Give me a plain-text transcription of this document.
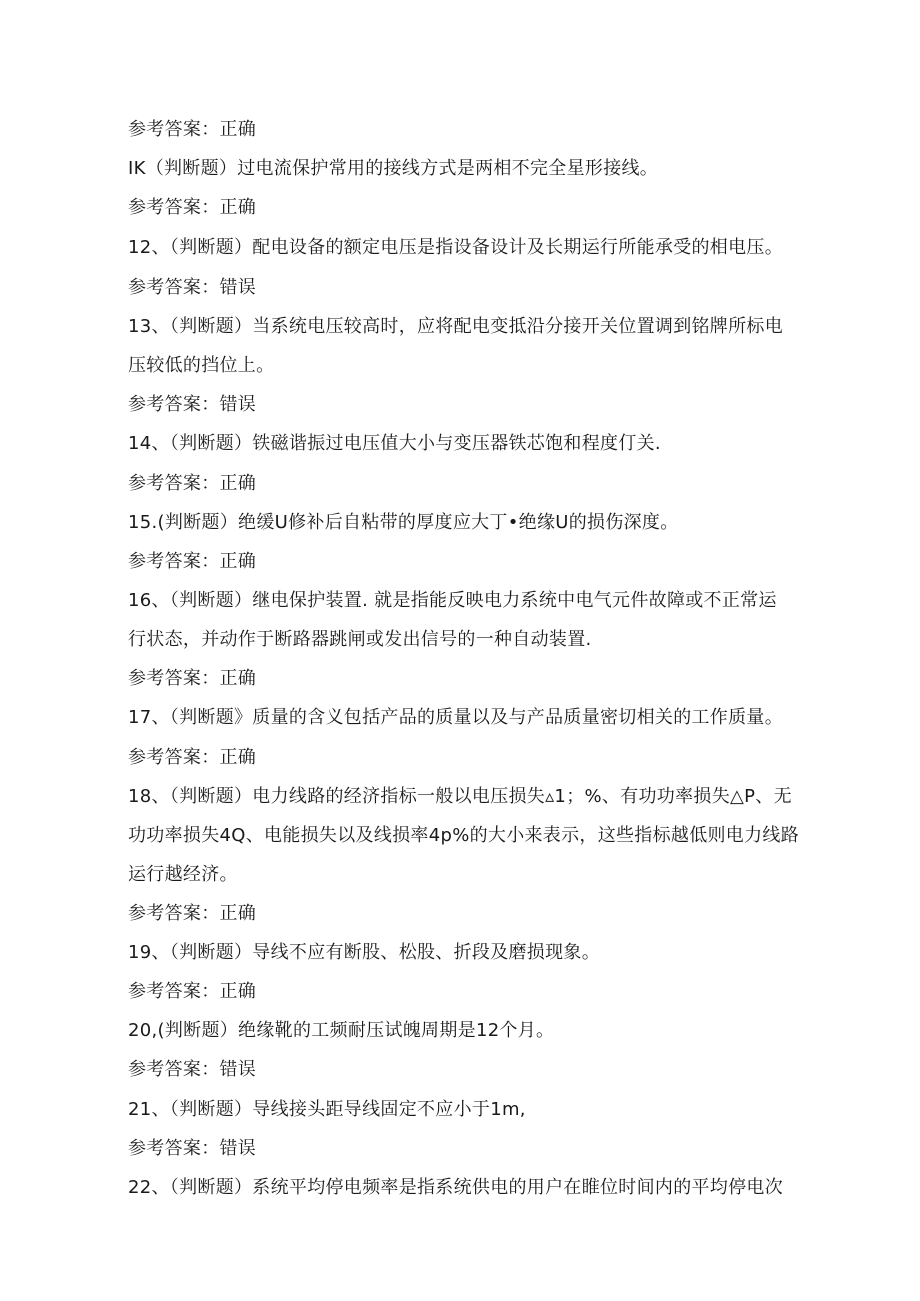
参考答案：正确
IK（判断题）过电流保护常用的接线方式是两相不完全星形接线。
参考答案：正确
12、（判断题）配电设备的额定电压是指设备设计及长期运行所能承受的相电压。
参考答案：错误
13、（判断题）当系统电压较高时，应将配电变抵沿分接开关位置调到铭牌所标电
压较低的挡位上。
参考答案：错误
14、（判断题）铁磁谐振过电压值大小与变压器铁芯饱和程度仃关.
参考答案：正确
15.(判断题）绝缓U修补后自粘带的厚度应大丁•绝缘U的损伤深度。
参考答案：正确
16、（判断题）继电保护装置. 就是指能反映电力系统中电气元件故障或不正常运
行状态，并动作于断路器跳闸或发出信号的一种自动装置.
参考答案：正确
17、（判断题》质量的含义包括产品的质量以及与产品质量密切相关的工作质量。
参考答案：正确
18、（判断题）电力线路的经济指标一般以电压损失▵1；%、有功功率损失△P、无
功功率损失4Q、电能损失以及线损率4p%的大小来表示，这些指标越低则电力线路
运行越经济。
参考答案：正确
19、（判断题）导线不应有断股、松股、折段及磨损现象。
参考答案：正确
20,(判断题）绝缘靴的工频耐压试魄周期是12个月。
参考答案：错误
21、（判断题）导线接头距导线固定不应小于1m,
参考答案：错误
22、（判断题）系统平均停电频率是指系统供电的用户在睢位时间内的平均停电次
